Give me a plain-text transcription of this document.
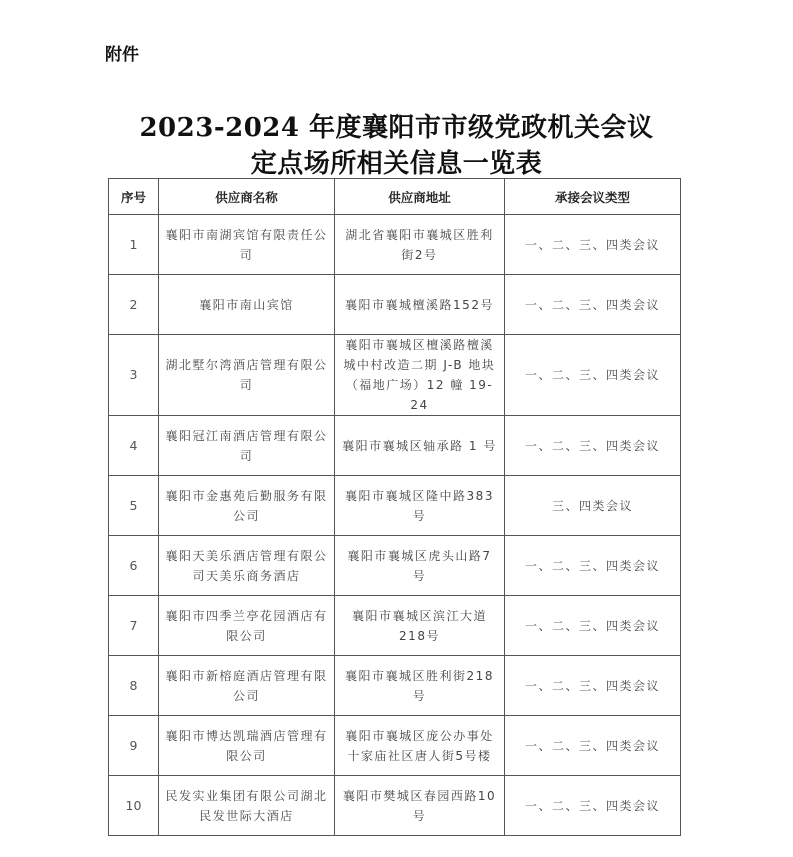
附件
2023-2024 年度襄阳市市级党政机关会议
定点场所相关信息一览表
序号	供应商名称	供应商地址	承接会议类型
1	襄阳市南湖宾馆有限责任公司	湖北省襄阳市襄城区胜利街2号	一、二、三、四类会议
2	襄阳市南山宾馆	襄阳市襄城檀溪路152号	一、二、三、四类会议
3	湖北墅尔湾酒店管理有限公司	襄阳市襄城区檀溪路檀溪城中村改造二期 J-B 地块（福地广场）12 幢 19-24	一、二、三、四类会议
4	襄阳冠江南酒店管理有限公司	襄阳市襄城区轴承路 1 号	一、二、三、四类会议
5	襄阳市金惠苑后勤服务有限公司	襄阳市襄城区隆中路383号	三、四类会议
6	襄阳天美乐酒店管理有限公司天美乐商务酒店	襄阳市襄城区虎头山路7号	一、二、三、四类会议
7	襄阳市四季兰亭花园酒店有限公司	襄阳市襄城区滨江大道218号	一、二、三、四类会议
8	襄阳市新榕庭酒店管理有限公司	襄阳市襄城区胜利街218号	一、二、三、四类会议
9	襄阳市博达凯瑞酒店管理有限公司	襄阳市襄城区庞公办事处十家庙社区唐人街5号楼	一、二、三、四类会议
10	民发实业集团有限公司湖北民发世际大酒店	襄阳市樊城区春园西路10号	一、二、三、四类会议
